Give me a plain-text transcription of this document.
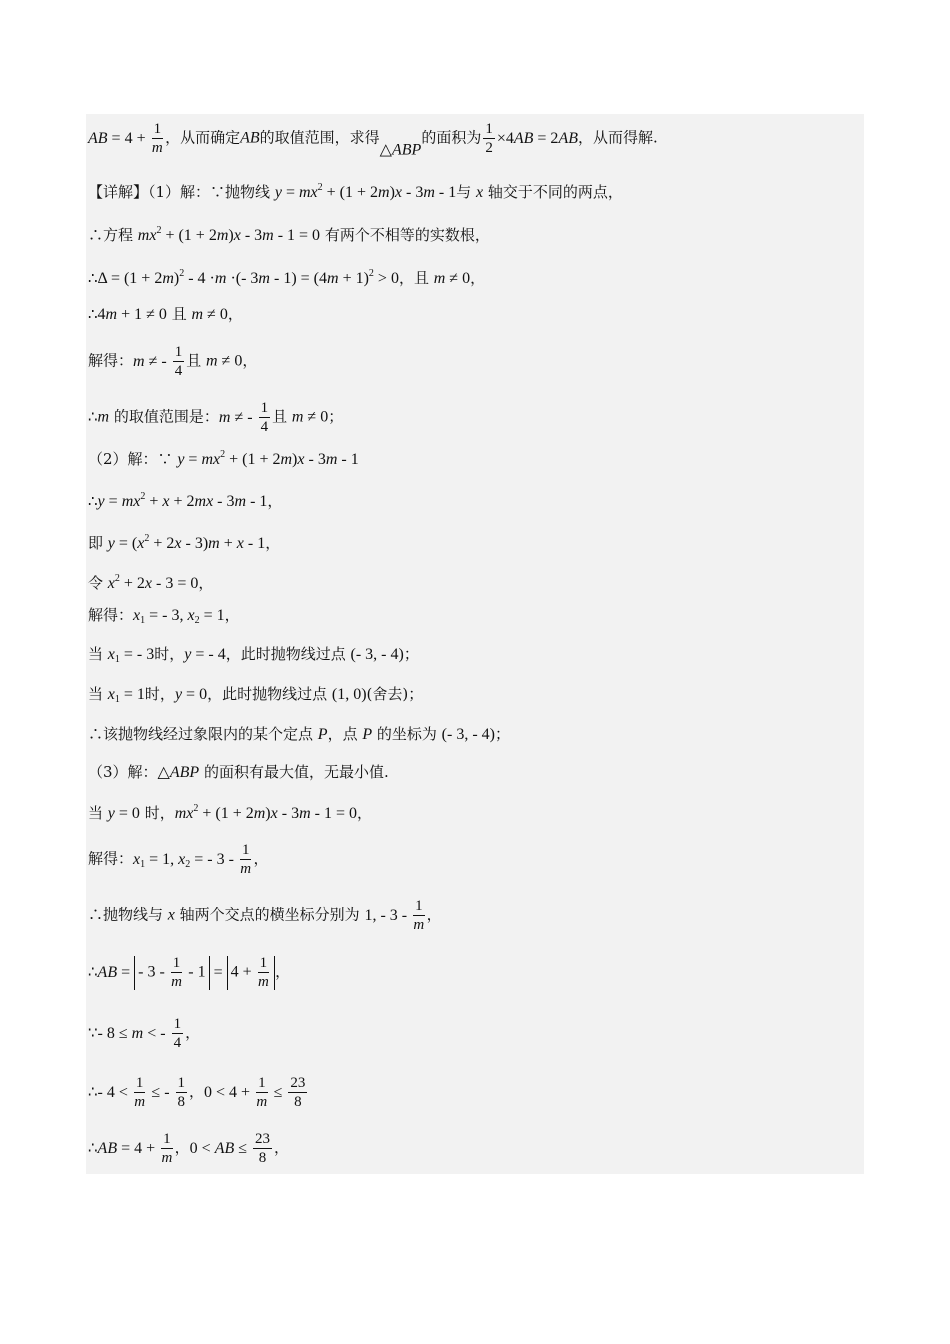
AB = $4 + \frac{1}{m}$ ，从而确定AB的取值范围，求得△ABP的面积为 $\frac{1}{2} \times 4AB = 2AB$，从而得解.
【详解】（1）解：∵抛物线 $y = mx^2 + (1 + 2m)x - 3m - 1$与 x 轴交于不同的两点，
∴方程 $mx^2 + (1 + 2m)x - 3m - 1 = 0$ 有两个不相等的实数根，
∴Δ = $(1 + 2m)^2 - 4 \cdot m$ ·(- $3m - 1) = (4m + 1)^2 > 0$，且 m ≠ 0，
∴4m + 1 ≠ 0 且 m ≠ 0，
解得：m ≠ - $\frac{1}{4}$ 且 m ≠ 0，
∴m 的取值范围是：m ≠ - $\frac{1}{4}$ 且 m ≠ 0；
（2）解：∵ $y = mx^2 + (1 + 2m)x - 3m - 1$
∴y = $mx^2 + x + 2mx - 3m - 1$，
即 $y = (x^2 + 2x - 3)m + x - 1$，
令 $x^2 + 2x - 3 = 0$，
解得：$x_1$ = - 3, $x_2 = 1$，
当 $x_1$ = - 3时，y = - 4，此时抛物线过点 (- 3, - 4)；
当 $x_1 = 1$时，y = 0，此时抛物线过点 (1, 0)(舍去)；
∴该抛物线经过象限内的某个定点 P，点 P 的坐标为 (- 3, - 4)；
（3）解：△ABP 的面积有最大值，无最小值.
当 y = 0 时，$mx^2 + (1 + 2m)x - 3m - 1 = 0$，
解得：$x_1 = 1$, $x_2$ = - $3 - \frac{1}{m}$ ，
∴抛物线与 x 轴两个交点的横坐标分别为 1, - $3 - \frac{1}{m}$ ，
∴AB = - $3 - \frac{1}{m} - 1 = 4 + \frac{1}{m}$ ，
∵- 8 ≤ m < - $\frac{1}{4}$ ，
∴- $4 < \frac{1}{m}$ ≤ - $\frac{1}{8}$ ，$0 < 4 + \frac{1}{m} \le \frac{23}{8}$
∴AB = $4 + \frac{1}{m}$ ，0 < AB ≤ $\frac{23}{8}$ ，
